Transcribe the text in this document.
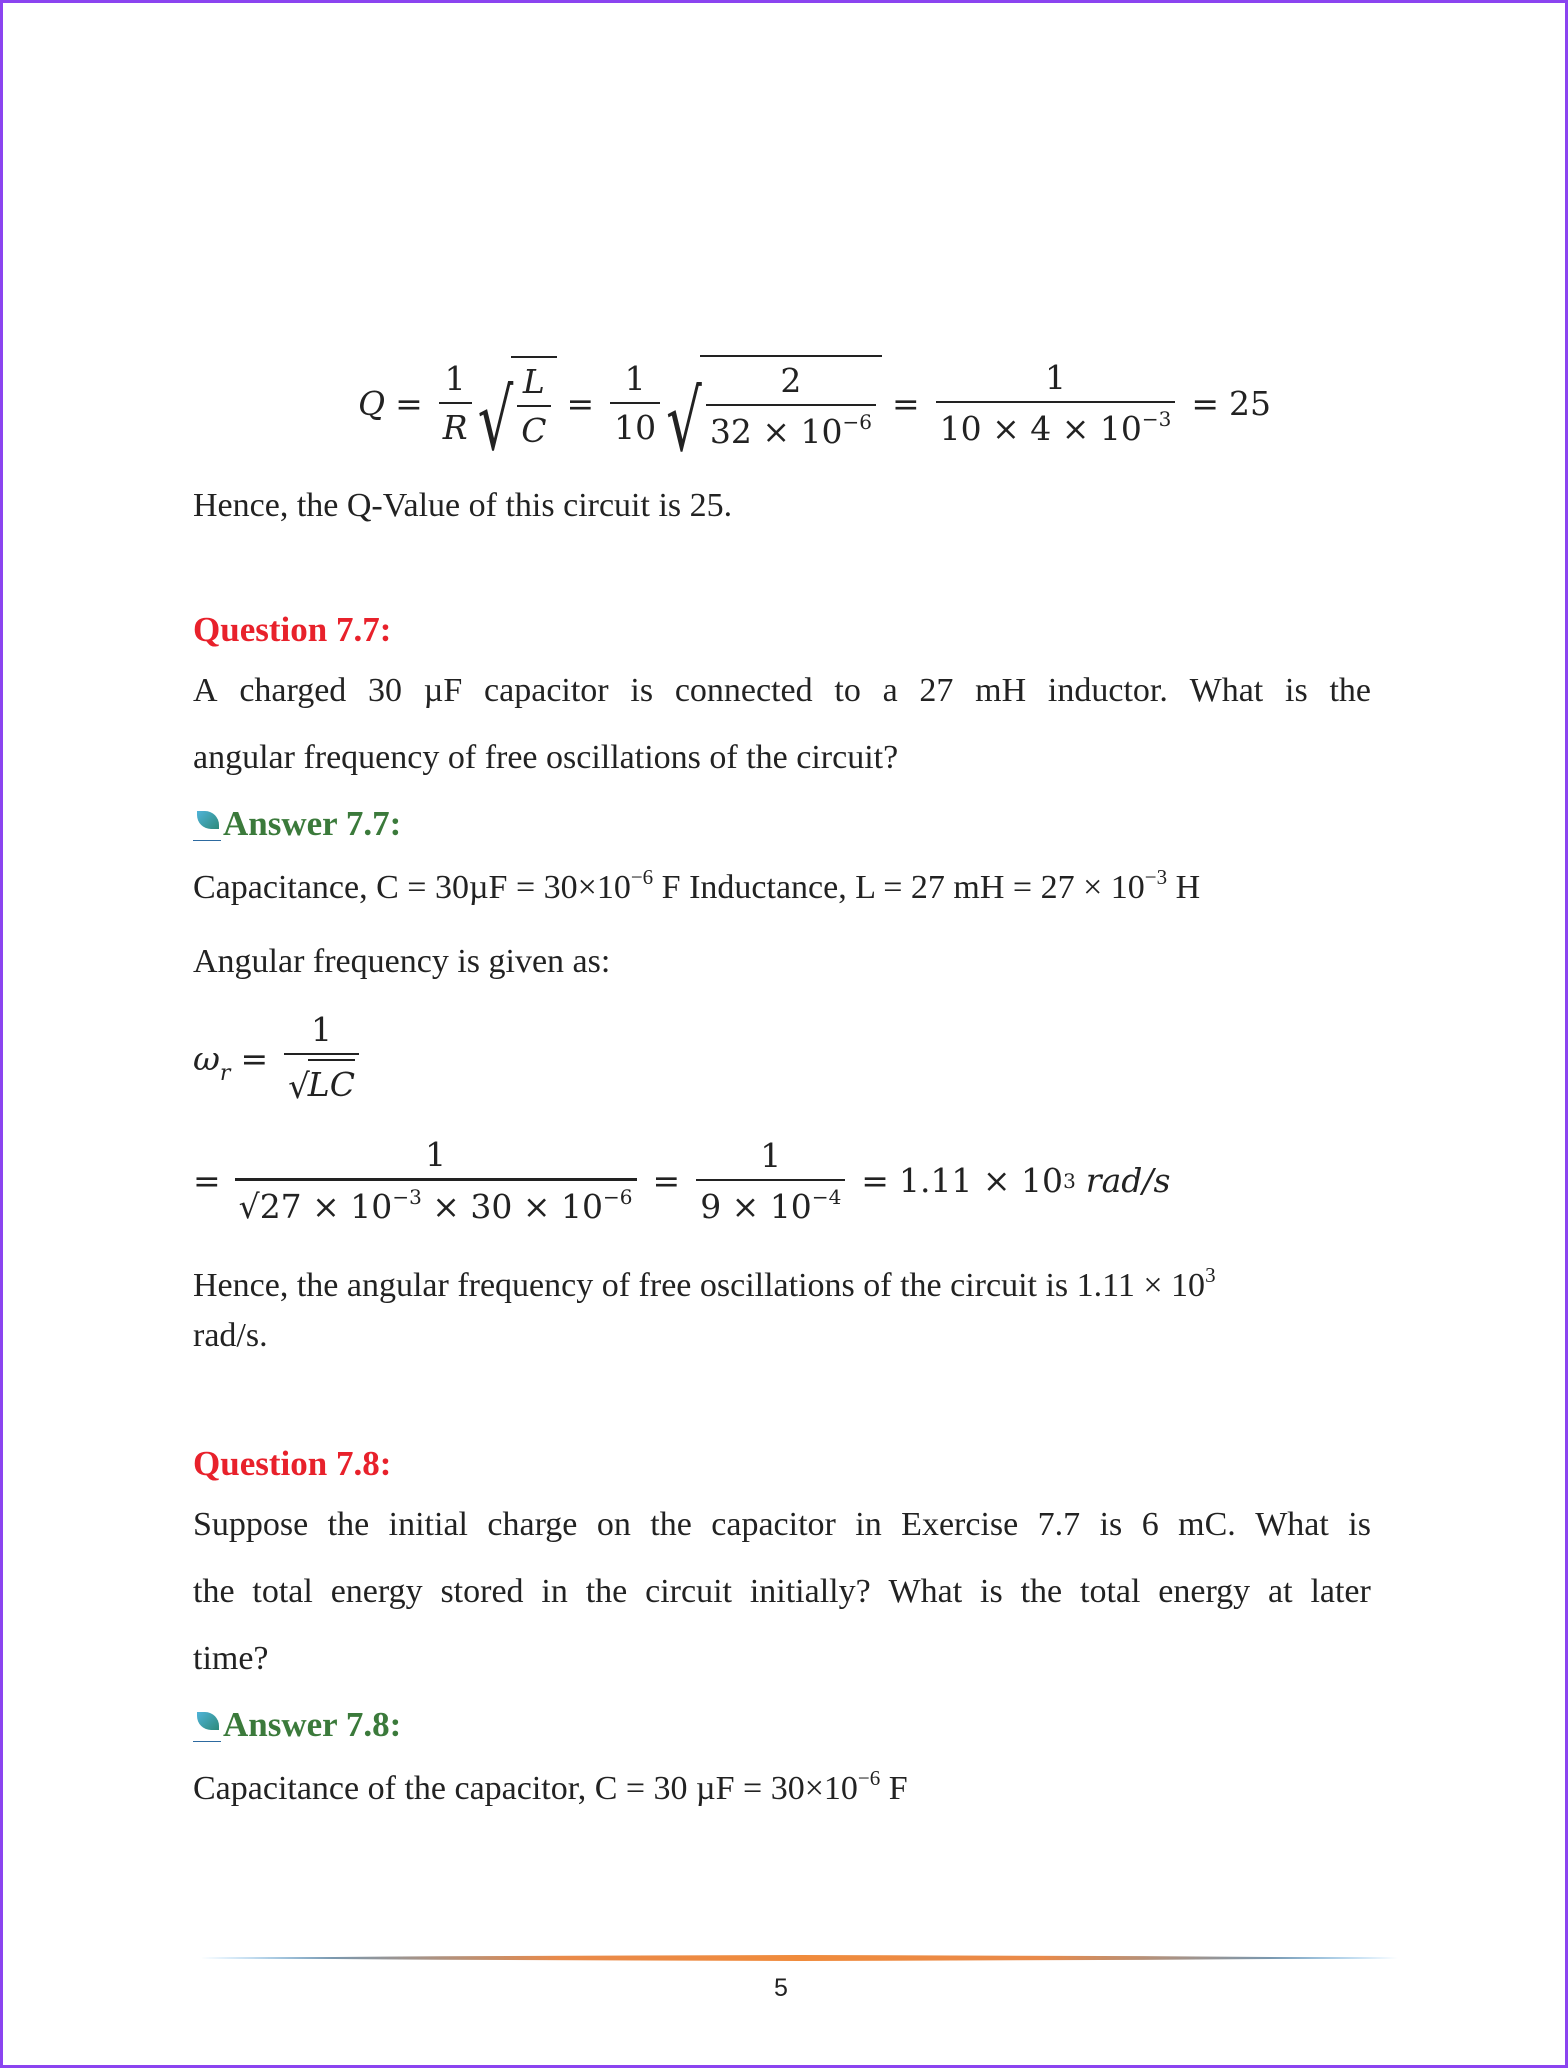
$Q = \frac{1}{R}$ √ $\frac{L}{C} = \frac{1}{10}$ √ $\frac{2}{32 \times 10^{-6}} = \frac{1}{10 \times 4 \times 10^{-3}} = 25$
Hence, the Q-Value of this circuit is 25.
Question 7.7:
A charged 30 µF capacitor is connected to a 27 mH inductor. What is the
angular frequency of free oscillations of the circuit?
Answer 7.7:
Capacitance, $C = 30\mu F = 30\times 10^{-6}$ F Inductance, L = 27 mH = $27 \times 10^{-3}$ H
Angular frequency is given as:
ω r = 1
√
LC
= $\frac{1}{√27 \times 10^{-3} \times 30 \times 10^{-6}} = \frac{1}{9 \times 10^{-4}} = 1.11 \times 10$ 3 rad/s
Hence, the angular frequency of free oscillations of the circuit is $1.11 \times 10^3$
rad/s.
Question 7.8:
Suppose the initial charge on the capacitor in Exercise 7.7 is 6 mC. What is
the total energy stored in the circuit initially? What is the total energy at later
time?
Answer 7.8:
Capacitance of the capacitor, C = 30 $\mu F = 30\times 10^{-6}$ F
5
